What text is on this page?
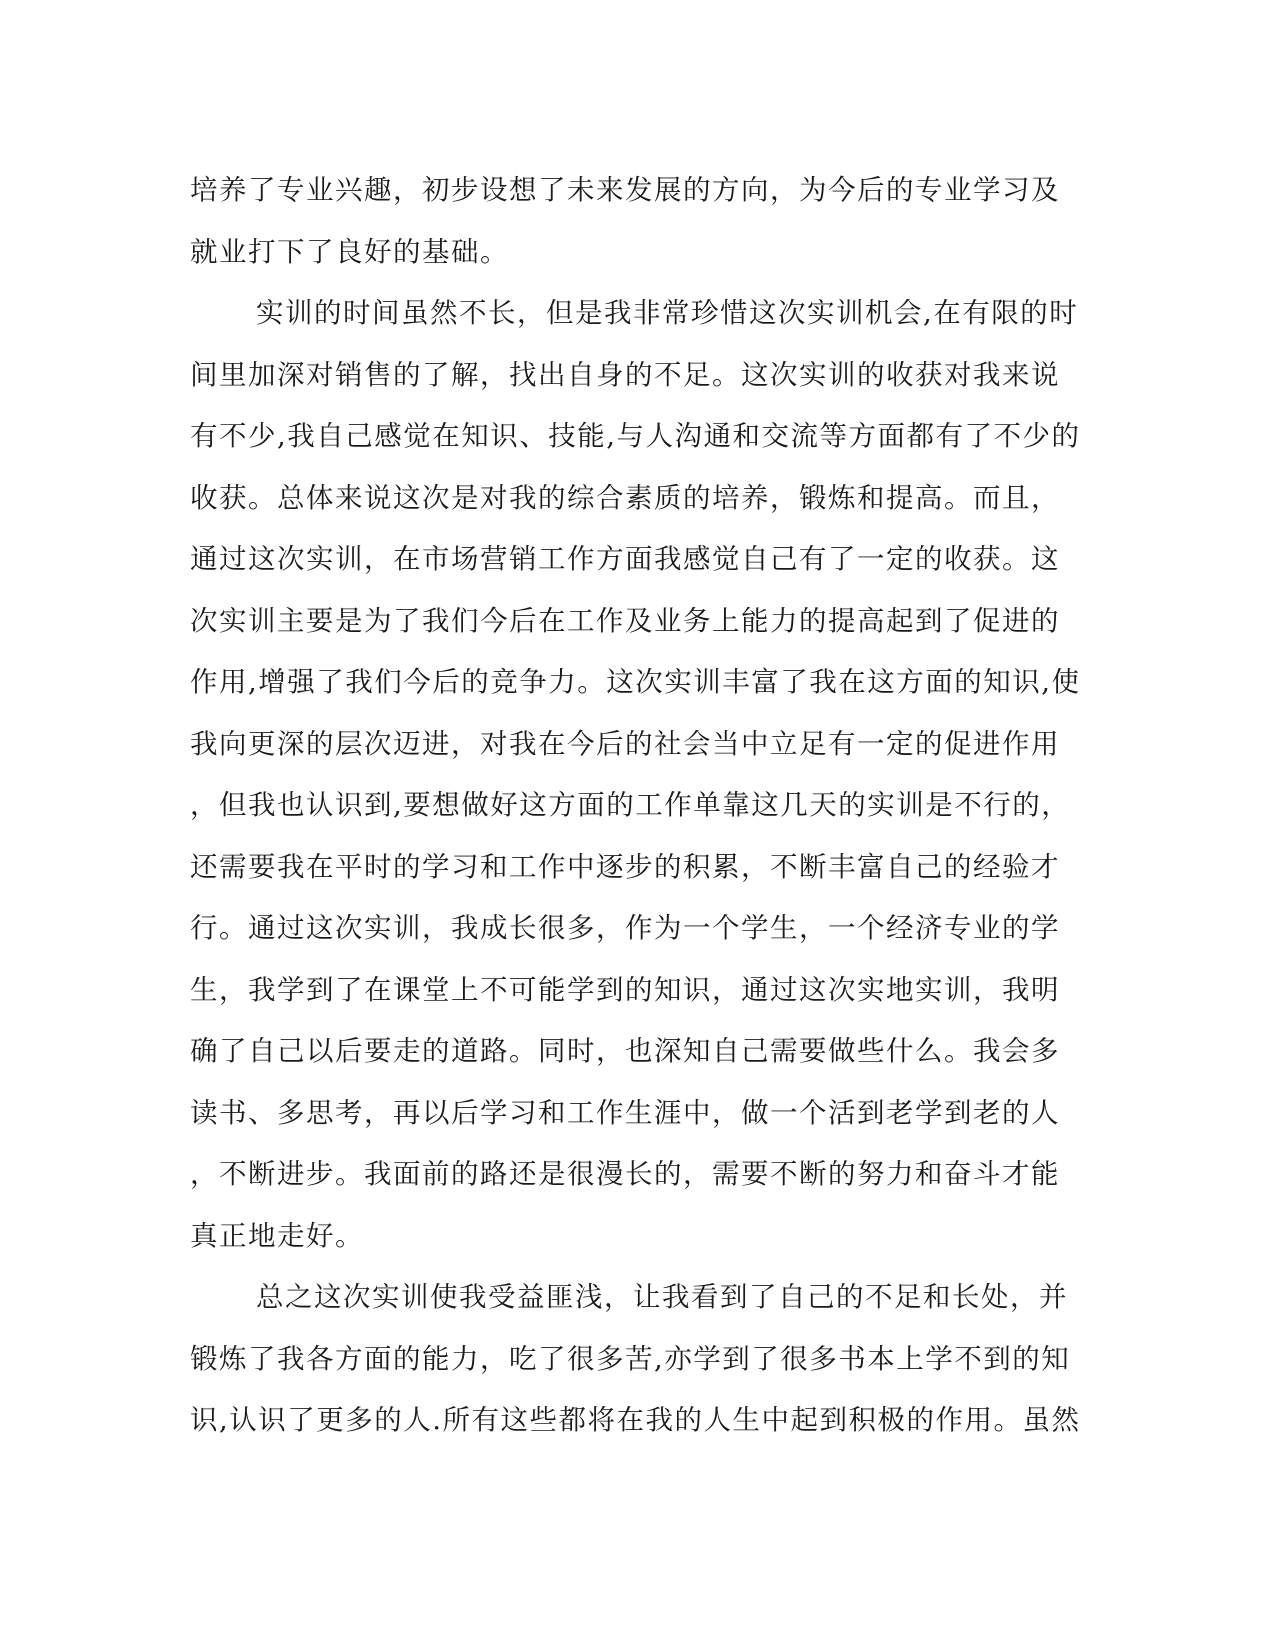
培养了专业兴趣，初步设想了未来发展的方向，为今后的专业学习及
就业打下了良好的基础。
实训的时间虽然不长，但是我非常珍惜这次实训机会,在有限的时
间里加深对销售的了解，找出自身的不足。这次实训的收获对我来说
有不少,我自己感觉在知识、技能,与人沟通和交流等方面都有了不少的
收获。总体来说这次是对我的综合素质的培养，锻炼和提高。而且，
通过这次实训，在市场营销工作方面我感觉自己有了一定的收获。这
次实训主要是为了我们今后在工作及业务上能力的提高起到了促进的
作用,增强了我们今后的竞争力。这次实训丰富了我在这方面的知识,使
我向更深的层次迈进，对我在今后的社会当中立足有一定的促进作用
，但我也认识到,要想做好这方面的工作单靠这几天的实训是不行的，
还需要我在平时的学习和工作中逐步的积累，不断丰富自己的经验才
行。通过这次实训，我成长很多，作为一个学生，一个经济专业的学
生，我学到了在课堂上不可能学到的知识，通过这次实地实训，我明
确了自己以后要走的道路。同时，也深知自己需要做些什么。我会多
读书、多思考，再以后学习和工作生涯中，做一个活到老学到老的人
，不断进步。我面前的路还是很漫长的，需要不断的努力和奋斗才能
真正地走好。
总之这次实训使我受益匪浅，让我看到了自己的不足和长处，并
锻炼了我各方面的能力，吃了很多苦,亦学到了很多书本上学不到的知
识,认识了更多的人.所有这些都将在我的人生中起到积极的作用。虽然
